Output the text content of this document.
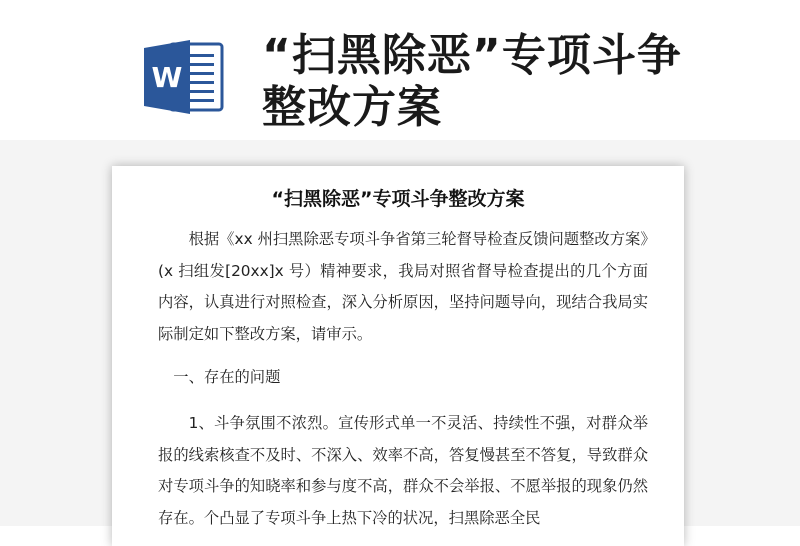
W “扫黑除恶”专项斗争整改方案
“扫黑除恶”专项斗争整改方案

根据《xx 州扫黑除恶专项斗争省第三轮督导检查反馈问题整改方案》(x 扫组发[20xx]x 号）精神要求，我局对照省督导检查提出的几个方面内容，认真进行对照检查，深入分析原因，坚持问题导向，现结合我局实际制定如下整改方案，请审示。

一、存在的问题

1、斗争氛围不浓烈。宣传形式单一不灵活、持续性不强，对群众举报的线索核查不及时、不深入、效率不高，答复慢甚至不答复，导致群众对专项斗争的知晓率和参与度不高，群众不会举报、不愿举报的现象仍然存在。个凸显了专项斗争上热下冷的状况，扫黑除恶全民
